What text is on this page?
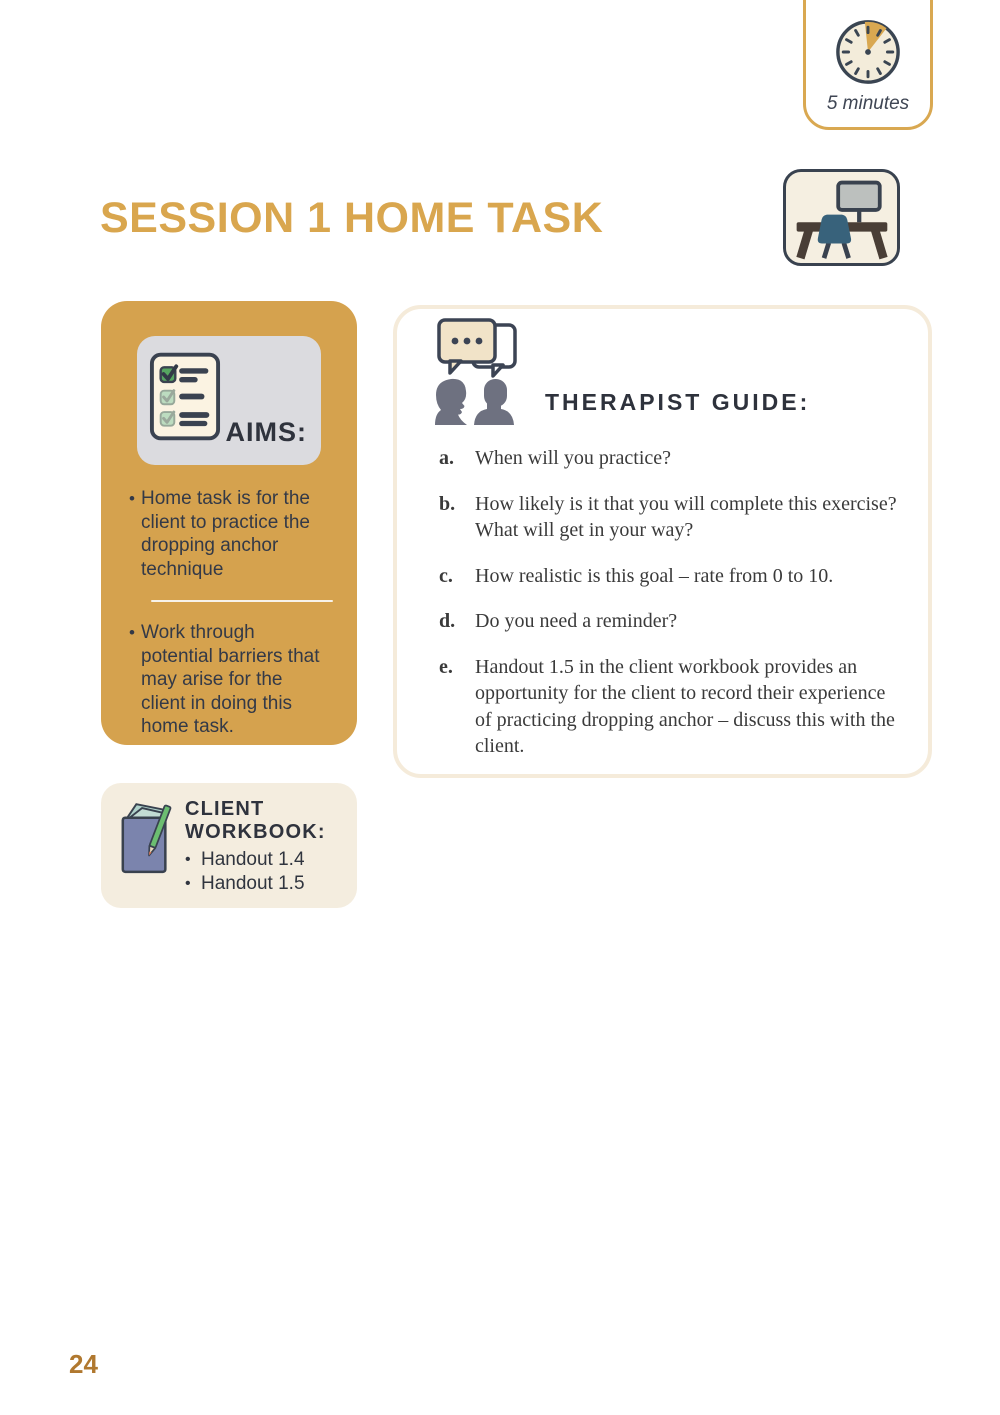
5 minutes
SESSION 1 HOME TASK
AIMS:
• Home task is for the client to practice the dropping anchor technique
• Work through potential barriers that may arise for the client in doing this home task.
THERAPIST GUIDE:
a.	When will you practice?
b. How likely is it that you will complete this exercise? What will get in your way?
c.	How realistic is this goal – rate from 0 to 10.
d. Do you need a reminder?
e.	Handout 1.5 in the client workbook provides an opportunity for the client to record their experience of practicing dropping anchor – discuss this with the client.
CLIENT WORKBOOK:
• Handout 1.4
• Handout 1.5
24
